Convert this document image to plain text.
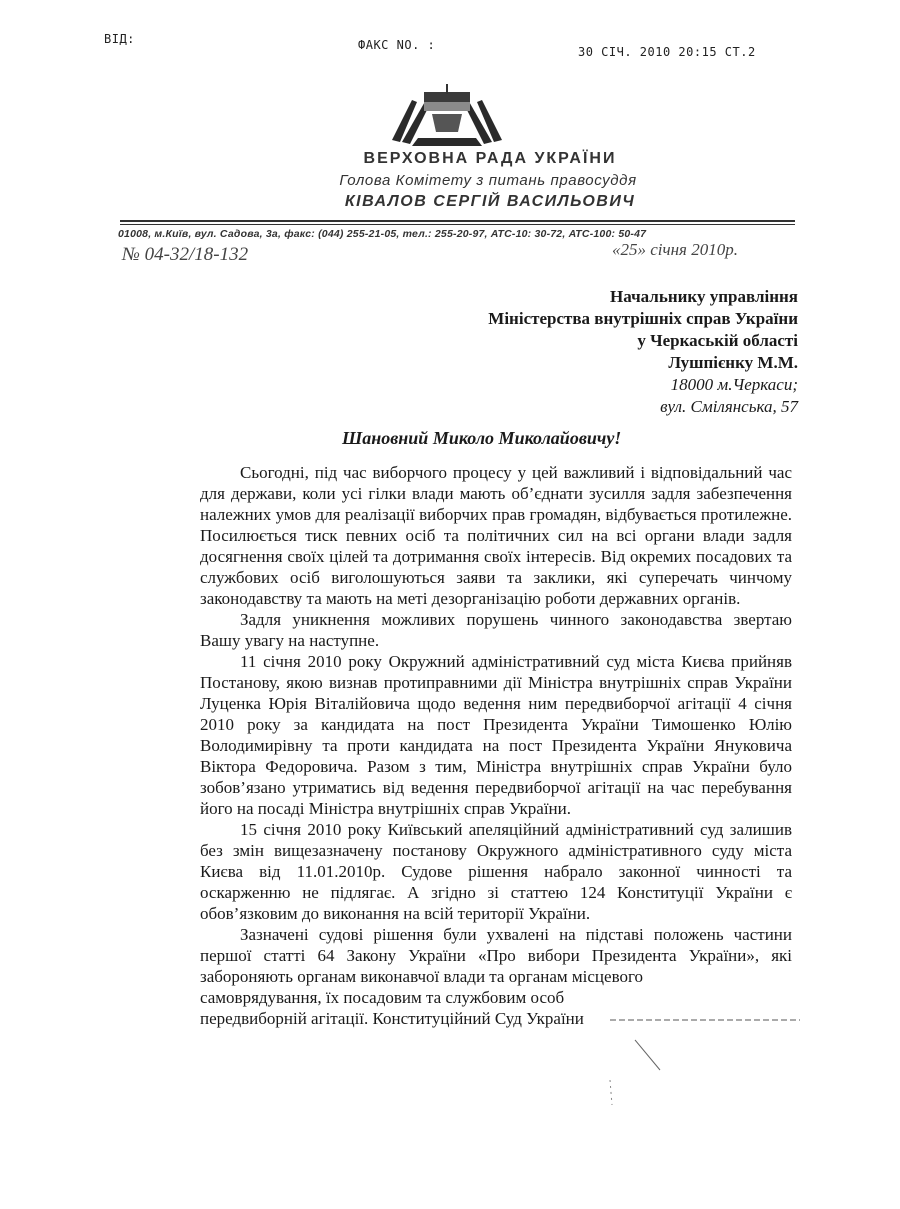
ВІД:	ФАКС NO. :	30 СІЧ. 2010 20:15 СТ.2
ВЕРХОВНА РАДА УКРАЇНИ
Голова Комітету з питань правосуддя
КІВАЛОВ СЕРГІЙ ВАСИЛЬОВИЧ
01008, м.Київ, вул. Садова, 3а, факс: (044) 255-21-05, тел.: 255-20-97, АТС-10: 30-72, АТС-100: 50-47
№ 04-32/18-132	«25» січня 2010р.
Начальнику управління
Міністерства внутрішніх справ України
у Черкаській області
Лушпієнку М.М.
18000 м.Черкаси;
вул. Смілянська, 57
Шановний Миколо Миколайовичу!

Сьогодні, під час виборчого процесу у цей важливий і відповідальний час для держави, коли усі гілки влади мають об’єднати зусилля задля забезпечення належних умов для реалізації виборчих прав громадян, відбувається протилежне. Посилюється тиск певних осіб та політичних сил на всі органи влади задля досягнення своїх цілей та дотримання своїх інтересів. Від окремих посадових та службових осіб виголошуються заяви та заклики, які суперечать чинчому законодавству та мають на меті дезорганізацію роботи державних органів.

Задля уникнення можливих порушень чинного законодавства звертаю Вашу увагу на наступне.

11 січня 2010 року Окружний адміністративний суд міста Києва прийняв Постанову, якою визнав протиправними дії Міністра внутрішніх справ України Луценка Юрія Віталійовича щодо ведення ним передвиборчої агітації 4 січня 2010 року за кандидата на пост Президента України Тимошенко Юлію Володимирівну та проти кандидата на пост Президента України Януковича Віктора Федоровича. Разом з тим, Міністра внутрішніх справ України було зобов’язано утриматись від ведення передвиборчої агітації на час перебування його на посаді Міністра внутрішніх справ України.

15 січня 2010 року Київський апеляційний адміністративний суд залишив без змін вищезазначену постанову Окружного адміністративного суду міста Києва від 11.01.2010р. Судове рішення набрало законної чинності та оскарженню не підлягає. А згідно зі статтею 124 Конституції України є обов’язковим до виконання на всій території України.

Зазначені судові рішення були ухвалені на підставі положень частини першої статті 64 Закону України «Про вибори Президента України», які забороняють органам виконавчої влади та органам місцевого

самоврядування, їх посадовим та службовим особ

передвиборній агітації. Конституційний Суд України
